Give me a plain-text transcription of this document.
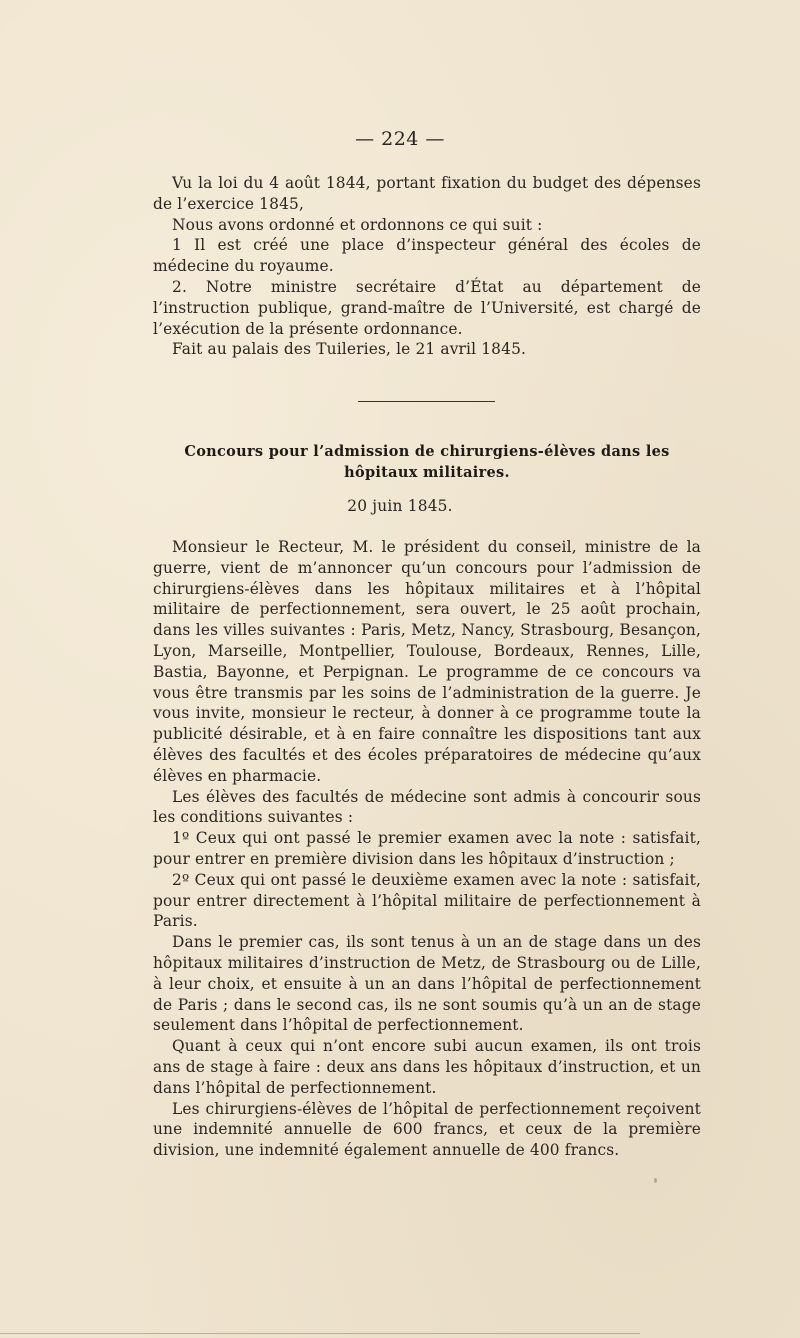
— 224 —

Vu la loi du 4 août 1844, portant fixation du budget des dépenses de l’exercice 1845,

Nous avons ordonné et ordonnons ce qui suit :

1 Il est créé une place d’inspecteur général des écoles de médecine du royaume.

2. Notre ministre secrétaire d’État au département de l’instruction publique, grand-maître de l’Université, est chargé de l’exécution de la présente ordonnance.

Fait au palais des Tuileries, le 21 avril 1845.

Concours pour l’admission de chirurgiens-élèves dans les
hôpitaux militaires.
20 juin 1845.

Monsieur le Recteur, M. le président du conseil, ministre de la guerre, vient de m’annoncer qu’un concours pour l’admission de chirurgiens-élèves dans les hôpitaux militaires et à l’hôpital militaire de perfectionnement, sera ouvert, le 25 août prochain, dans les villes suivantes : Paris, Metz, Nancy, Strasbourg, Besançon, Lyon, Marseille, Montpellier, Toulouse, Bordeaux, Rennes, Lille, Bastia, Bayonne, et Perpignan. Le programme de ce concours va vous être transmis par les soins de l’administration de la guerre. Je vous invite, monsieur le recteur, à donner à ce programme toute la publicité désirable, et à en faire connaître les dispositions tant aux élèves des facultés et des écoles préparatoires de médecine qu’aux élèves en pharmacie.

Les élèves des facultés de médecine sont admis à concourir sous les conditions suivantes :

1º Ceux qui ont passé le premier examen avec la note : satisfait, pour entrer en première division dans les hôpitaux d’instruction ;

2º Ceux qui ont passé le deuxième examen avec la note : satisfait, pour entrer directement à l’hôpital militaire de perfectionnement à Paris.

Dans le premier cas, ils sont tenus à un an de stage dans un des hôpitaux militaires d’instruction de Metz, de Strasbourg ou de Lille, à leur choix, et ensuite à un an dans l’hôpital de perfectionnement de Paris ; dans le second cas, ils ne sont soumis qu’à un an de stage seulement dans l’hôpital de perfectionnement.

Quant à ceux qui n’ont encore subi aucun examen, ils ont trois ans de stage à faire : deux ans dans les hôpitaux d’instruction, et un dans l’hôpital de perfectionnement.

Les chirurgiens-élèves de l’hôpital de perfectionnement reçoivent une indemnité annuelle de 600 francs, et ceux de la première division, une indemnité également annuelle de 400 francs.
